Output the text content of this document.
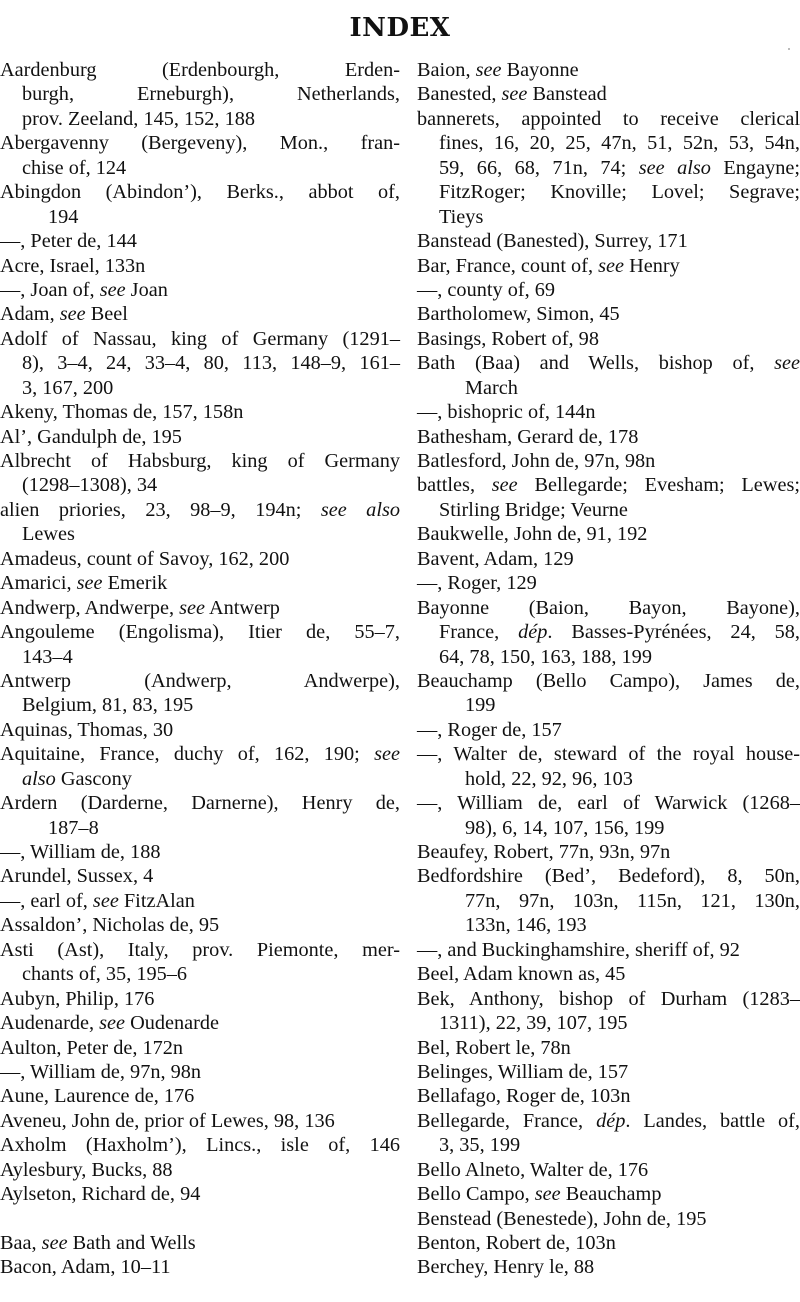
INDEX
Aardenburg (Erdenbourgh, Erden-
burgh, Erneburgh), Netherlands,
prov. Zeeland, 145, 152, 188
Abergavenny (Bergeveny), Mon., fran-
chise of, 124
Abingdon (Abindon’), Berks., abbot of,
194
—, Peter de, 144
Acre, Israel, 133n
—, Joan of, see Joan
Adam, see Beel
Adolf of Nassau, king of Germany (1291–
8), 3–4, 24, 33–4, 80, 113, 148–9, 161–
3, 167, 200
Akeny, Thomas de, 157, 158n
Al’, Gandulph de, 195
Albrecht of Habsburg, king of Germany
(1298–1308), 34
alien priories, 23, 98–9, 194n; see also
Lewes
Amadeus, count of Savoy, 162, 200
Amarici, see Emerik
Andwerp, Andwerpe, see Antwerp
Angouleme (Engolisma), Itier de, 55–7,
143–4
Antwerp (Andwerp, Andwerpe),
Belgium, 81, 83, 195
Aquinas, Thomas, 30
Aquitaine, France, duchy of, 162, 190; see
also Gascony
Ardern (Darderne, Darnerne), Henry de,
187–8
—, William de, 188
Arundel, Sussex, 4
—, earl of, see FitzAlan
Assaldon’, Nicholas de, 95
Asti (Ast), Italy, prov. Piemonte, mer-
chants of, 35, 195–6
Aubyn, Philip, 176
Audenarde, see Oudenarde
Aulton, Peter de, 172n
—, William de, 97n, 98n
Aune, Laurence de, 176
Aveneu, John de, prior of Lewes, 98, 136
Axholm (Haxholm’), Lincs., isle of, 146
Aylesbury, Bucks, 88
Aylseton, Richard de, 94
Baa, see Bath and Wells
Bacon, Adam, 10–11
Baion, see Bayonne
Banested, see Banstead
bannerets, appointed to receive clerical
fines, 16, 20, 25, 47n, 51, 52n, 53, 54n,
59, 66, 68, 71n, 74; see also Engayne;
FitzRoger; Knoville; Lovel; Segrave;
Tieys
Banstead (Banested), Surrey, 171
Bar, France, count of, see Henry
—, county of, 69
Bartholomew, Simon, 45
Basings, Robert of, 98
Bath (Baa) and Wells, bishop of, see
March
—, bishopric of, 144n
Bathesham, Gerard de, 178
Batlesford, John de, 97n, 98n
battles, see Bellegarde; Evesham; Lewes;
Stirling Bridge; Veurne
Baukwelle, John de, 91, 192
Bavent, Adam, 129
—, Roger, 129
Bayonne (Baion, Bayon, Bayone),
France, dép. Basses-Pyrénées, 24, 58,
64, 78, 150, 163, 188, 199
Beauchamp (Bello Campo), James de,
199
—, Roger de, 157
—, Walter de, steward of the royal house-
hold, 22, 92, 96, 103
—, William de, earl of Warwick (1268–
98), 6, 14, 107, 156, 199
Beaufey, Robert, 77n, 93n, 97n
Bedfordshire (Bed’, Bedeford), 8, 50n,
77n, 97n, 103n, 115n, 121, 130n,
133n, 146, 193
—, and Buckinghamshire, sheriff of, 92
Beel, Adam known as, 45
Bek, Anthony, bishop of Durham (1283–
1311), 22, 39, 107, 195
Bel, Robert le, 78n
Belinges, William de, 157
Bellafago, Roger de, 103n
Bellegarde, France, dép. Landes, battle of,
3, 35, 199
Bello Alneto, Walter de, 176
Bello Campo, see Beauchamp
Benstead (Benestede), John de, 195
Benton, Robert de, 103n
Berchey, Henry le, 88
